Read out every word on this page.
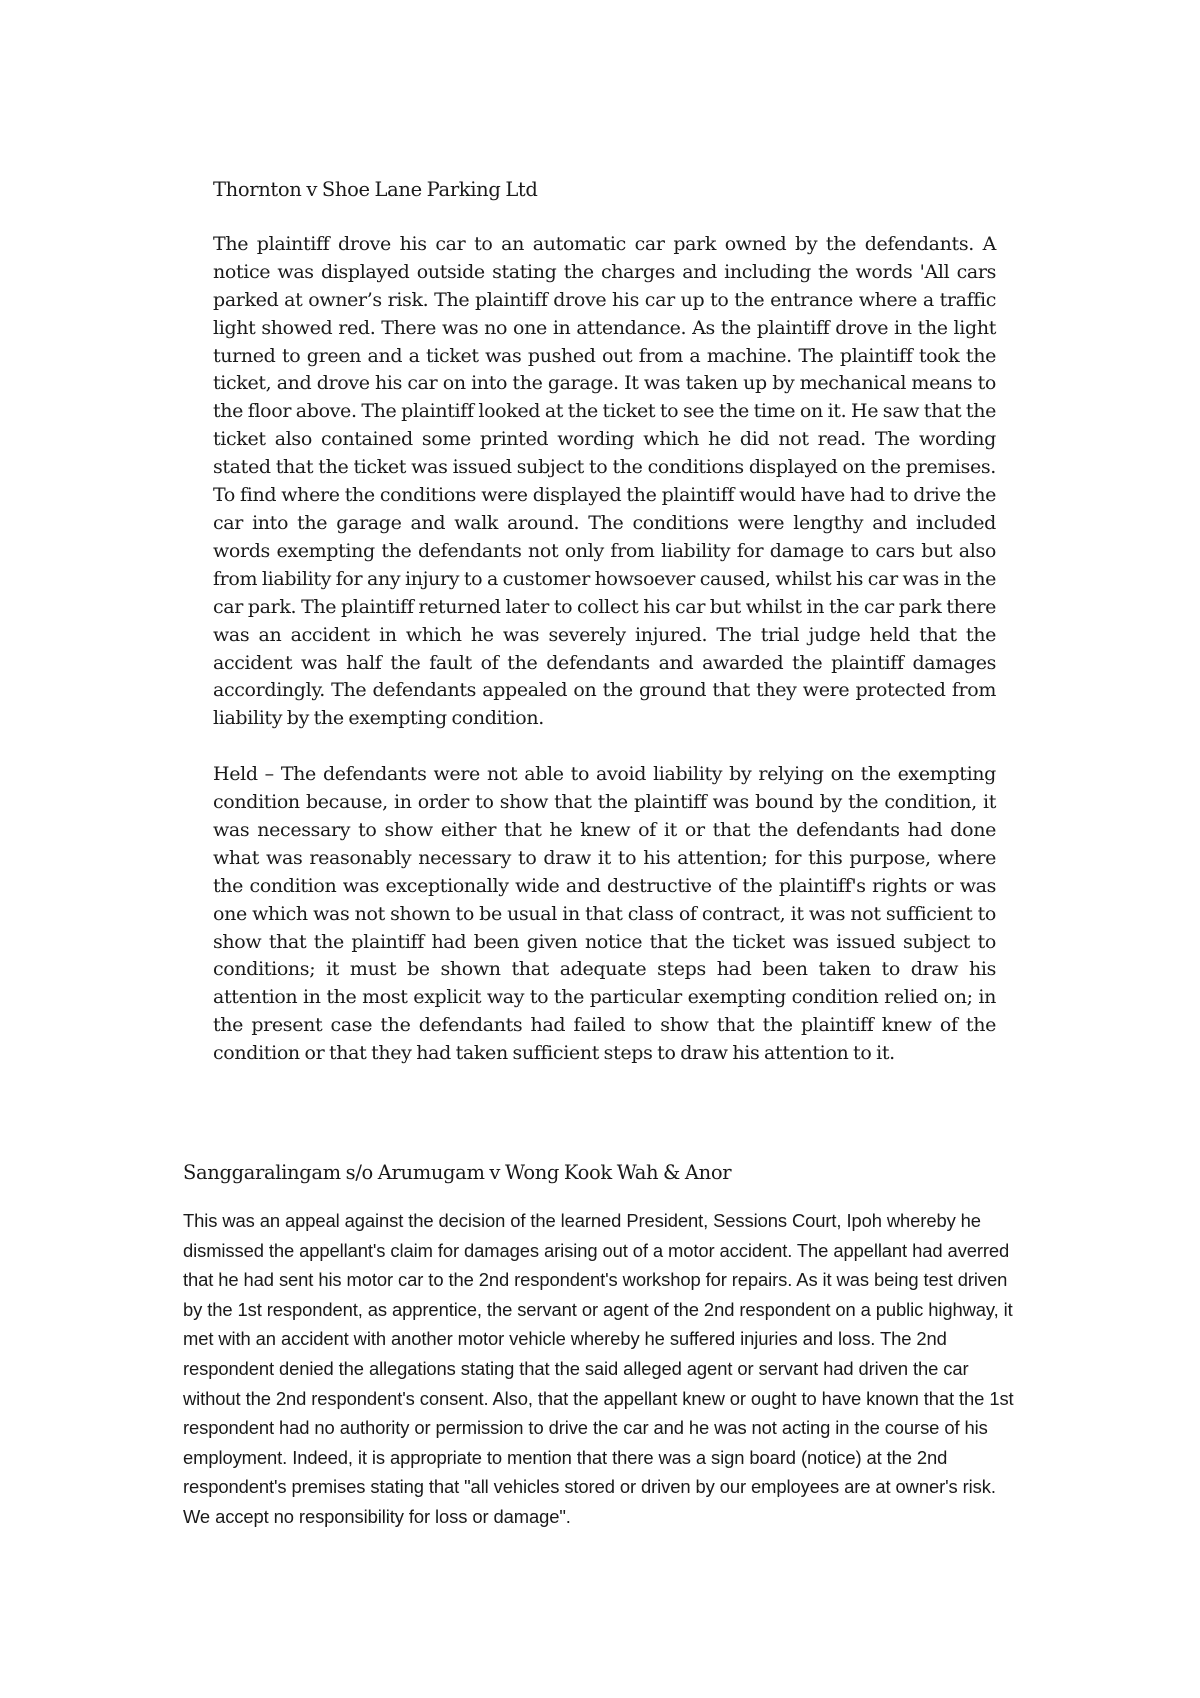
Thornton v Shoe Lane Parking Ltd

The plaintiff drove his car to an automatic car park owned by the defendants. A notice was displayed outside stating the charges and including the words 'All cars parked at owner’s risk. The plaintiff drove his car up to the entrance where a traffic light showed red. There was no one in attendance. As the plaintiff drove in the light turned to green and a ticket was pushed out from a machine. The plaintiff took the ticket, and drove his car on into the garage. It was taken up by mechanical means to the floor above. The plaintiff looked at the ticket to see the time on it. He saw that the ticket also contained some printed wording which he did not read. The wording stated that the ticket was issued subject to the conditions displayed on the premises. To find where the conditions were displayed the plaintiff would have had to drive the car into the garage and walk around. The conditions were lengthy and included words exempting the defendants not only from liability for damage to cars but also from liability for any injury to a customer howsoever caused, whilst his car was in the car park. The plaintiff returned later to collect his car but whilst in the car park there was an accident in which he was severely injured. The trial judge held that the accident was half the fault of the defendants and awarded the plaintiff damages accordingly. The defendants appealed on the ground that they were protected from liability by the exempting condition.

Held – The defendants were not able to avoid liability by relying on the exempting condition because, in order to show that the plaintiff was bound by the condition, it was necessary to show either that he knew of it or that the defendants had done what was reasonably necessary to draw it to his attention; for this purpose, where the condition was exceptionally wide and destructive of the plaintiff's rights or was one which was not shown to be usual in that class of contract, it was not sufficient to show that the plaintiff had been given notice that the ticket was issued subject to conditions; it must be shown that adequate steps had been taken to draw his attention in the most explicit way to the particular exempting condition relied on; in the present case the defendants had failed to show that the plaintiff knew of the condition or that they had taken sufficient steps to draw his attention to it.

Sanggaralingam s/o Arumugam v Wong Kook Wah & Anor

This was an appeal against the decision of the learned President, Sessions Court, Ipoh whereby he dismissed the appellant's claim for damages arising out of a motor accident. The appellant had averred that he had sent his motor car to the 2nd respondent's workshop for repairs. As it was being test driven by the 1st respondent, as apprentice, the servant or agent of the 2nd respondent on a public highway, it met with an accident with another motor vehicle whereby he suffered injuries and loss. The 2nd respondent denied the allegations stating that the said alleged agent or servant had driven the car without the 2nd respondent's consent. Also, that the appellant knew or ought to have known that the 1st respondent had no authority or permission to drive the car and he was not acting in the course of his employment. Indeed, it is appropriate to mention that there was a sign board (notice) at the 2nd respondent's premises stating that "all vehicles stored or driven by our employees are at owner's risk. We accept no responsibility for loss or damage".
